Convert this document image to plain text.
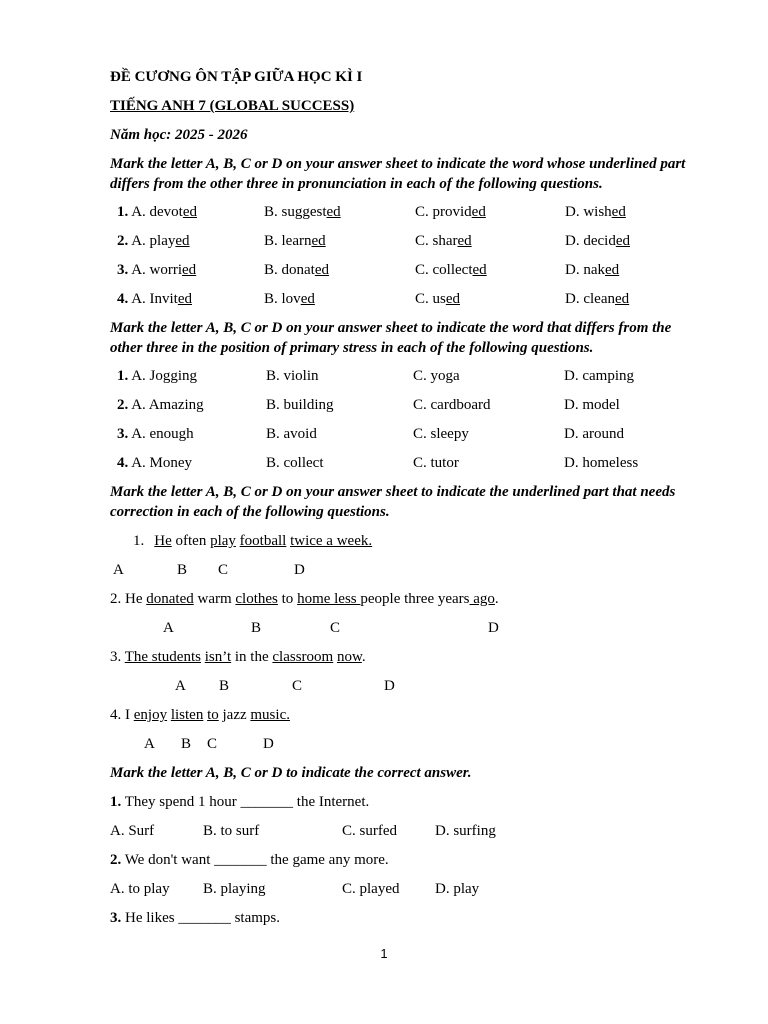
ĐỀ CƯƠNG ÔN TẬP GIỮA HỌC KÌ I
TIẾNG ANH 7 (GLOBAL SUCCESS)
Năm học: 2025 - 2026
Mark the letter A, B, C or D on your answer sheet to indicate the word whose underlined part differs from the other three in pronunciation in each of the following questions.
1. A. devoted	B. suggested	C. provided	D. wished
2. A. played	B. learned	C. shared	D. decided
3. A. worried	B. donated	C. collected	D. naked
4. A. Invited	B. loved	C. used	D. cleaned
Mark the letter A, B, C or D on your answer sheet to indicate the word that differs from the other three in the position of primary stress in each of the following questions.
1. A. Jogging	B. violin	C. yoga	D. camping
2. A. Amazing	B. building	C. cardboard	D. model
3. A. enough	B. avoid	C. sleepy	D. around
4. A. Money	B. collect	C. tutor	D. homeless
Mark the letter A, B, C or D on your answer sheet to indicate the underlined part that needs correction in each of the following questions.
1. He often play football twice a week.
A	B C	D
2. He donated warm clothes to home less people three years ago.
A	B	C	D
3. The students isn’t in the classroom now.
A B	C	D
4. I enjoy listen to jazz music.
A B C	D
Mark the letter A, B, C or D to indicate the correct answer.
1. They spend 1 hour _______ the Internet.
A. Surf	B. to surf	C. surfed	D. surfing
2. We don't want _______ the game any more.
A. to play B. playing	C. played D. play
3. He likes _______ stamps.
1
